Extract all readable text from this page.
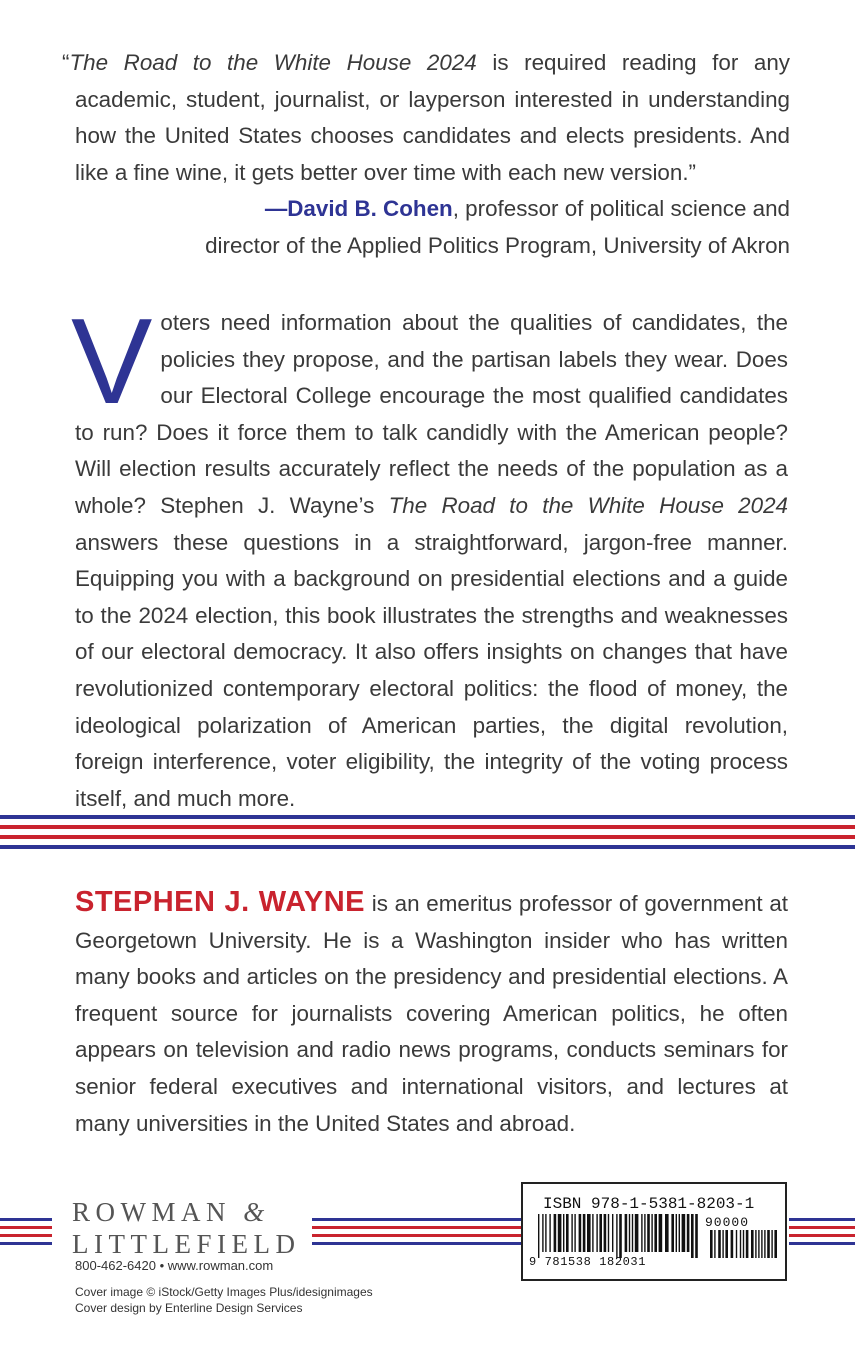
“The Road to the White House 2024 is required reading for any academic, student, journalist, or layperson interested in understanding how the United States chooses candidates and elects presidents. And like a fine wine, it gets better over time with each new version.”
—David B. Cohen, professor of political science and
director of the Applied Politics Program, University of Akron
Voters need information about the qualities of candidates, the policies they propose, and the partisan labels they wear. Does our Electoral College encourage the most qualified candidates to run? Does it force them to talk candidly with the American people? Will election results accurately reflect the needs of the population as a whole? Stephen J. Wayne’s The Road to the White House 2024 answers these questions in a straightforward, jargon-free manner. Equipping you with a background on presidential elections and a guide to the 2024 election, this book illustrates the strengths and weaknesses of our electoral democracy. It also offers insights on changes that have revolutionized contemporary electoral politics: the flood of money, the ideological polarization of American parties, the digital revolution, foreign interference, voter eligibility, the integrity of the voting process itself, and much more.
STEPHEN J. WAYNE is an emeritus professor of government at Georgetown University. He is a Washington insider who has written many books and articles on the presidency and presidential elections. A frequent source for journalists covering American politics, he often appears on television and radio news programs, conducts seminars for senior federal executives and international visitors, and lectures at many universities in the United States and abroad.
ROWMAN &
LITTLEFIELD
800-462-6420 • www.rowman.com
Cover image © iStock/Getty Images Plus/idesignimages
Cover design by Enterline Design Services
ISBN 978-1-5381-8203-1
9 781538 182031
90000
